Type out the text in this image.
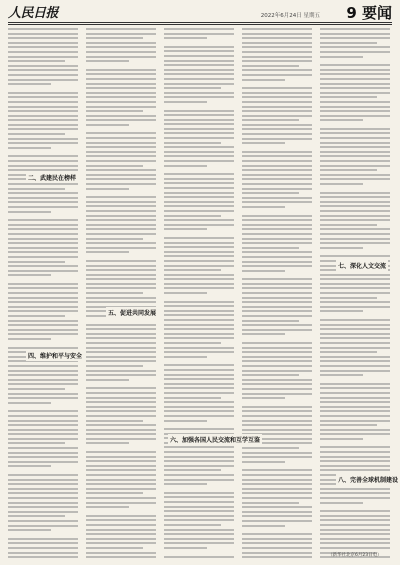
人民日报	2022年6月24日 星期五 9 要闻
二、武建民在榜样
四、维护和平与安全
五、促进共同发展
六、加强各国人民交流和互学互鉴
七、深化人文交流
八、完善全球机制建设
（新华社北京6月23日电）
